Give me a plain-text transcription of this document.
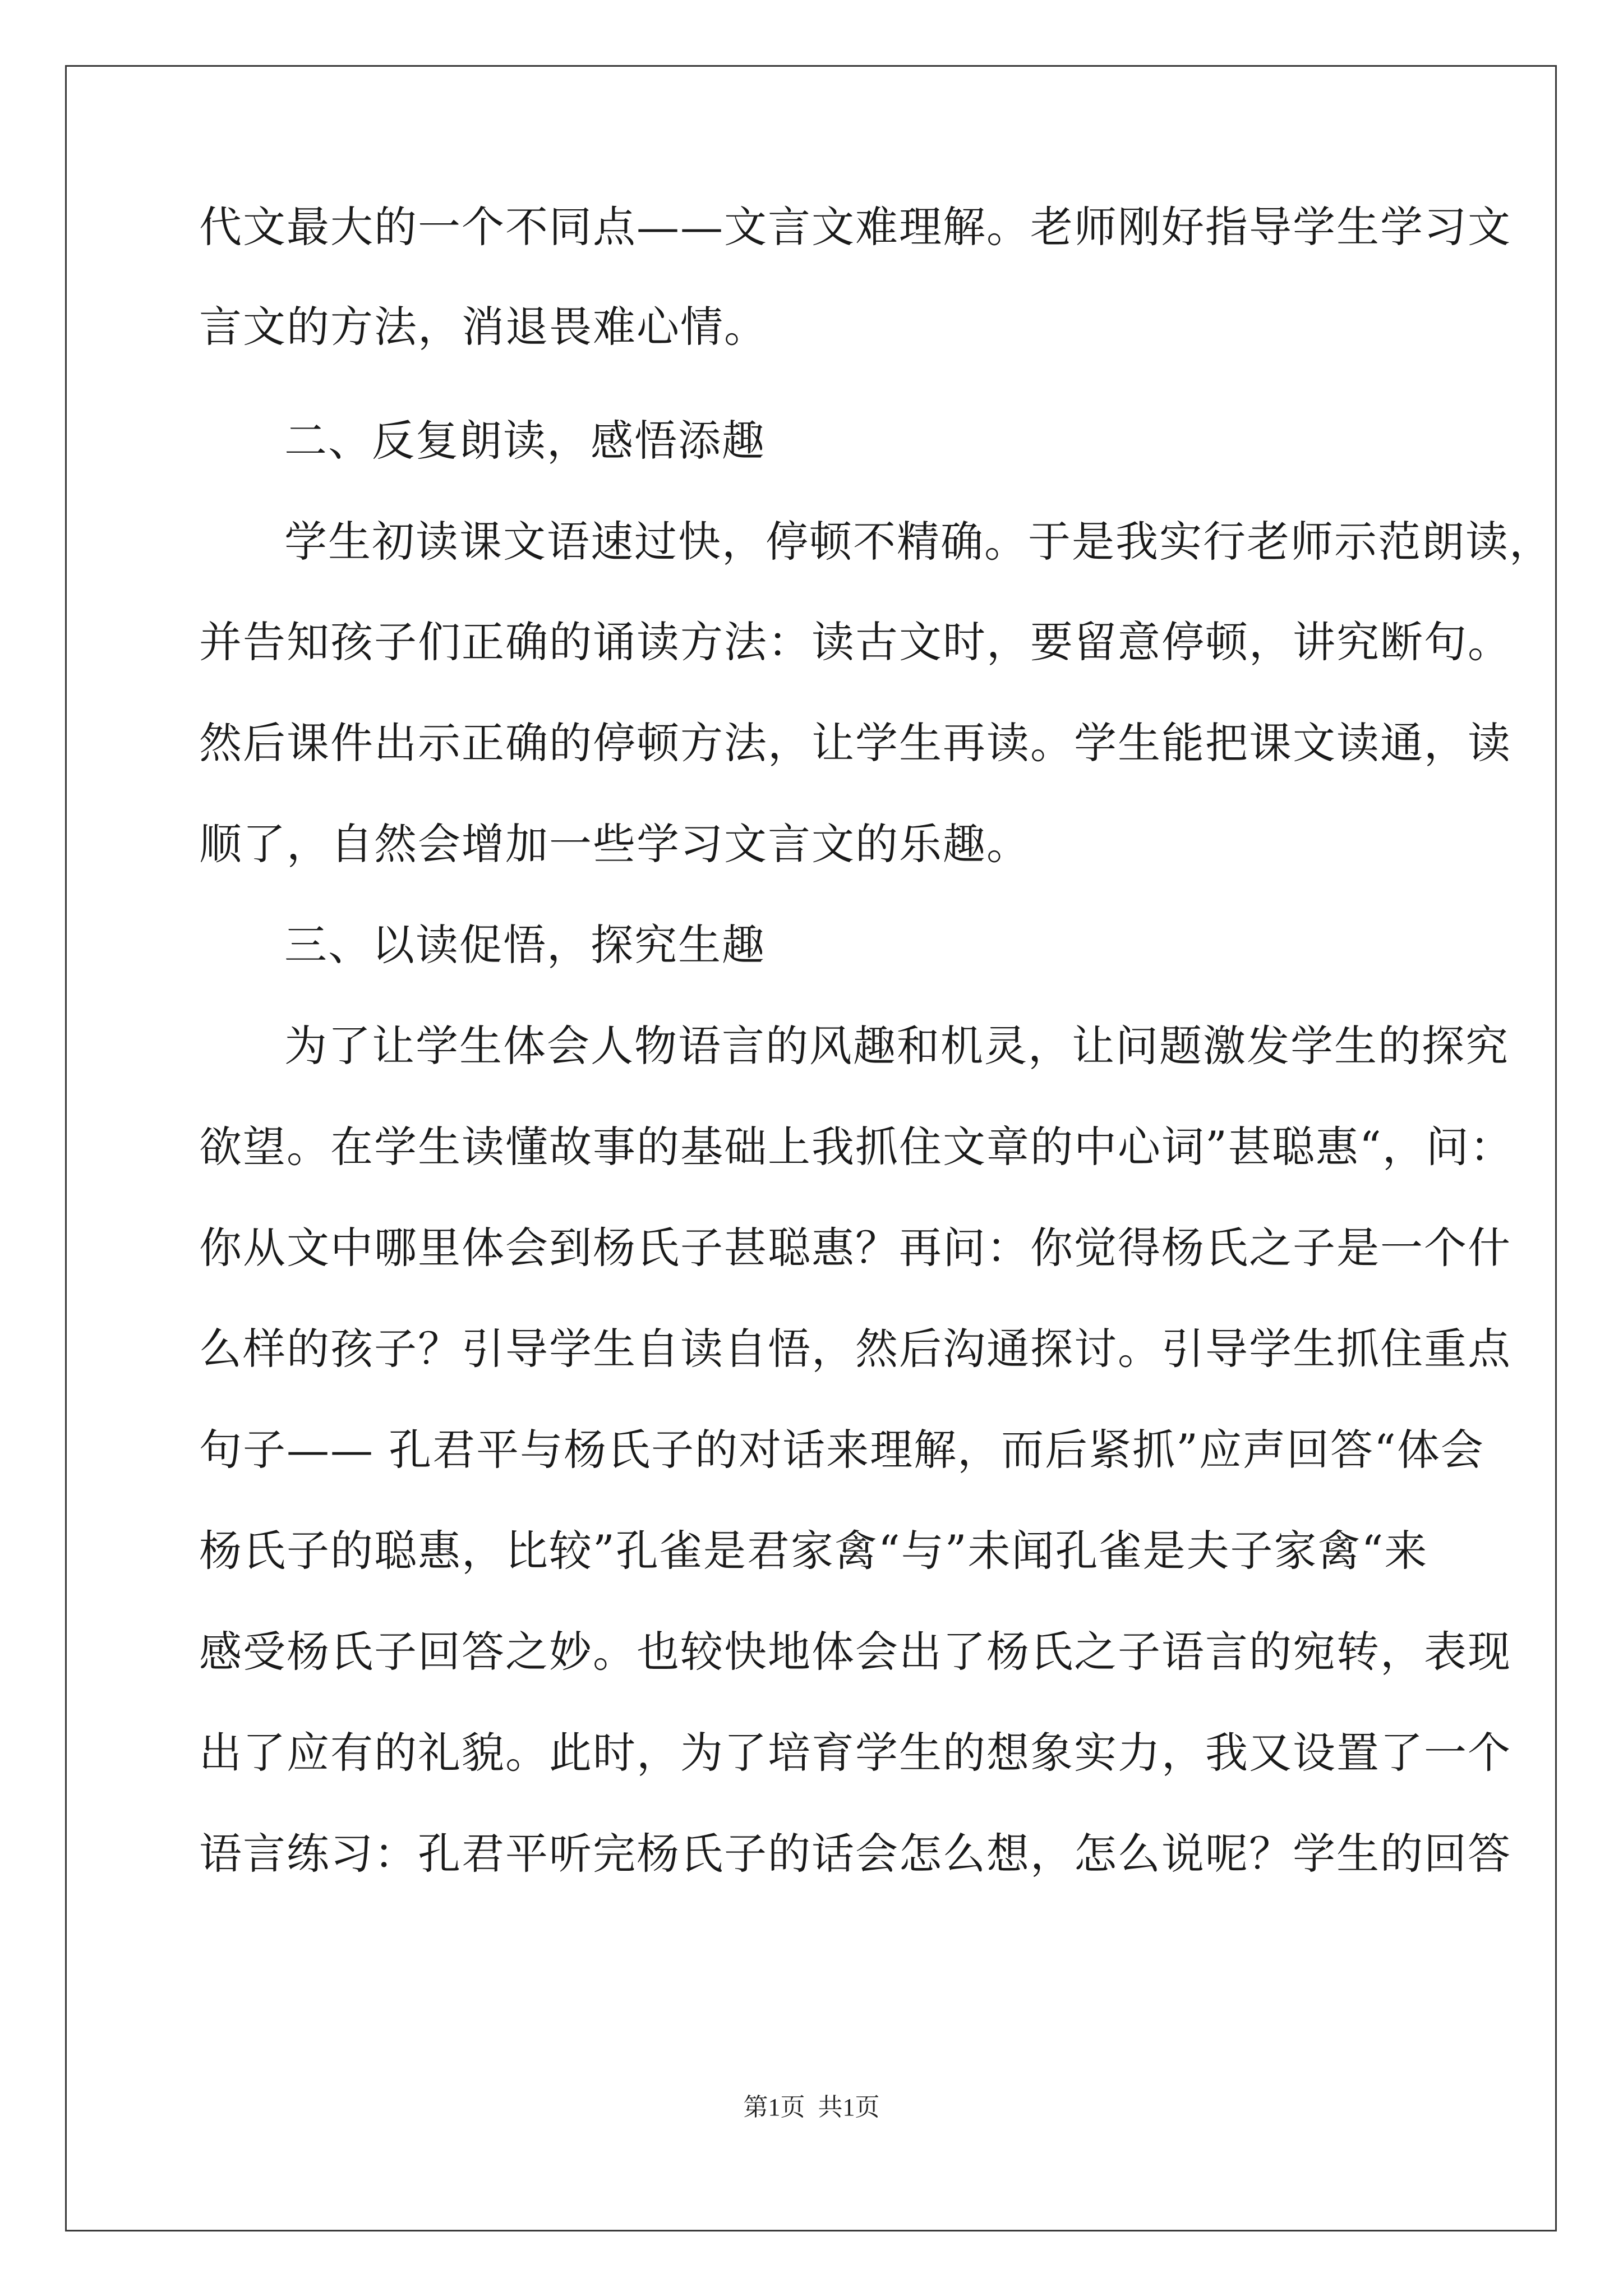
代文最大的一个不同点——文言文难理解。老师刚好指导学生学习文
言文的方法，消退畏难心情。
二、反复朗读，感悟添趣
学生初读课文语速过快，停顿不精确。于是我实行老师示范朗读，
并告知孩子们正确的诵读方法：读古文时，要留意停顿，讲究断句。
然后课件出示正确的停顿方法，让学生再读。学生能把课文读通，读
顺了，自然会增加一些学习文言文的乐趣。
三、以读促悟，探究生趣
为了让学生体会人物语言的风趣和机灵，让问题激发学生的探究
欲望。在学生读懂故事的基础上我抓住文章的中心词”甚聪惠“，问：
你从文中哪里体会到杨氏子甚聪惠？再问：你觉得杨氏之子是一个什
么样的孩子？引导学生自读自悟，然后沟通探讨。引导学生抓住重点
句子—— 孔君平与杨氏子的对话来理解，而后紧抓”应声回答“体会
杨氏子的聪惠，比较”孔雀是君家禽“与”未闻孔雀是夫子家禽“来
感受杨氏子回答之妙。也较快地体会出了杨氏之子语言的宛转，表现
出了应有的礼貌。此时，为了培育学生的想象实力，我又设置了一个
语言练习：孔君平听完杨氏子的话会怎么想，怎么说呢？学生的回答
第1页 共1页
